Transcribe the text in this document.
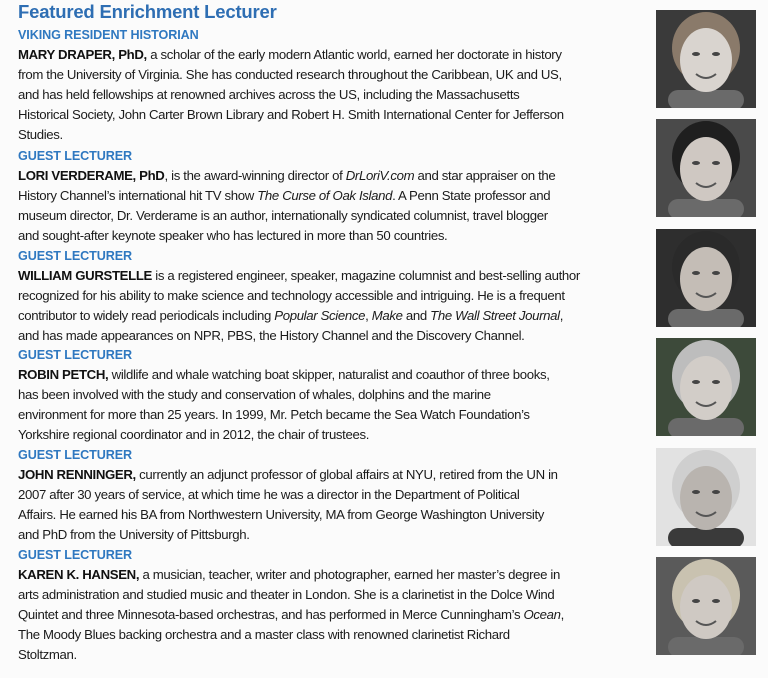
Featured Enrichment Lecturer
VIKING RESIDENT HISTORIAN
MARY DRAPER, PhD, a scholar of the early modern Atlantic world, earned her doctorate in history
from the University of Virginia. She has conducted research throughout the Caribbean, UK and US,
and has held fellowships at renowned archives across the US, including the Massachusetts
Historical Society, John Carter Brown Library and Robert H. Smith International Center for Jefferson
Studies.
GUEST LECTURER
LORI VERDERAME, PhD, is the award-winning director of DrLoriV.com and star appraiser on the
History Channel’s international hit TV show The Curse of Oak Island. A Penn State professor and
museum director, Dr. Verderame is an author, internationally syndicated columnist, travel blogger
and sought-after keynote speaker who has lectured in more than 50 countries.
GUEST LECTURER
WILLIAM GURSTELLE is a registered engineer, speaker, magazine columnist and best-selling author
recognized for his ability to make science and technology accessible and intriguing. He is a frequent
contributor to widely read periodicals including Popular Science, Make and The Wall Street Journal,
and has made appearances on NPR, PBS, the History Channel and the Discovery Channel.
GUEST LECTURER
ROBIN PETCH, wildlife and whale watching boat skipper, naturalist and coauthor of three books,
has been involved with the study and conservation of whales, dolphins and the marine
environment for more than 25 years. In 1999, Mr. Petch became the Sea Watch Foundation’s
Yorkshire regional coordinator and in 2012, the chair of trustees.
GUEST LECTURER
JOHN RENNINGER, currently an adjunct professor of global affairs at NYU, retired from the UN in
2007 after 30 years of service, at which time he was a director in the Department of Political
Affairs. He earned his BA from Northwestern University, MA from George Washington University
and PhD from the University of Pittsburgh.
GUEST LECTURER
KAREN K. HANSEN, a musician, teacher, writer and photographer, earned her master’s degree in
arts administration and studied music and theater in London. She is a clarinetist in the Dolce Wind
Quintet and three Minnesota-based orchestras, and has performed in Merce Cunningham’s Ocean,
The Moody Blues backing orchestra and a master class with renowned clarinetist Richard
Stoltzman.
